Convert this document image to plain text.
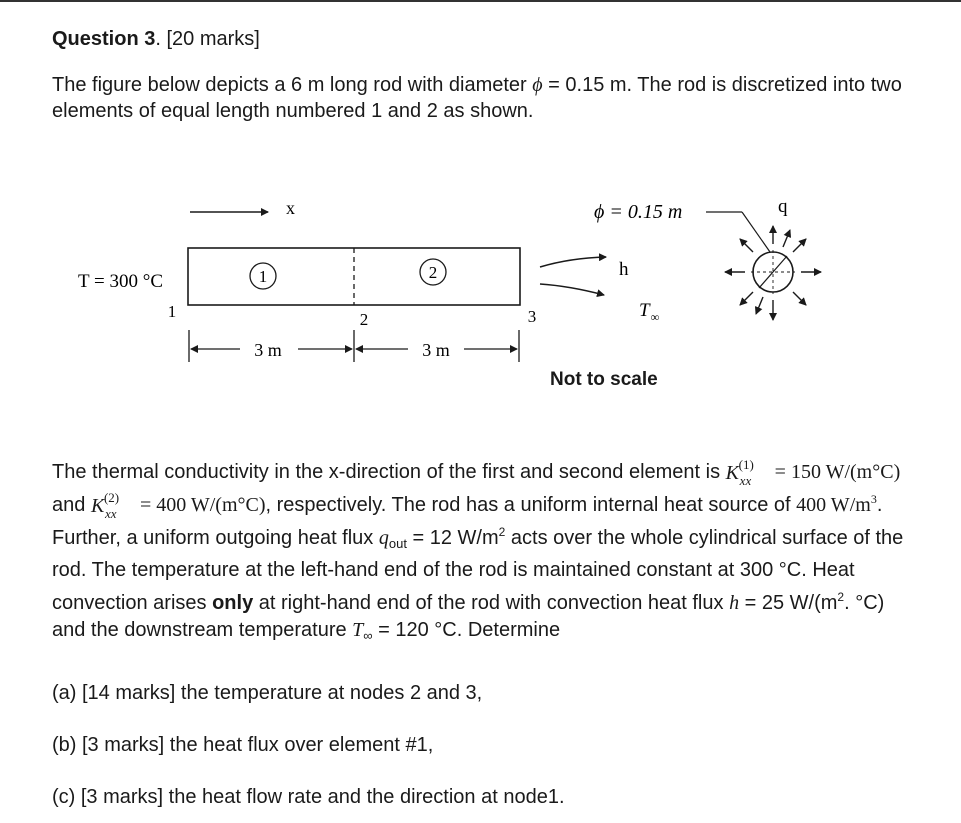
Question 3. [20 marks]

The figure below depicts a 6 m long rod with diameter ϕ = 0.15 m. The rod is discretized into two elements of equal length numbered 1 and 2 as shown.

x
T = 300 °C	1	2
1	2	3
3 m	3 m
h
$T_\infty$
ϕ = 0.15 m	q
Not to scale

The thermal conductivity in the x-direction of the first and second element is K (1)
xx = 150 W/(m°C) and K (2)
xx = 400 W/(m°C), respectively. The rod has a uniform internal heat source of 400 $W/m^3$. Further, a uniform outgoing heat flux $q_{out} = 12$ $W/m^2$ acts over the whole cylindrical surface of the rod. The temperature at the left-hand end of the rod is maintained constant at 300 °C. Heat convection arises only at right-hand end of the rod with convection heat flux h = 25 $W/(m^2$. °C) and the downstream temperature $T_\infty = 120$ °C. Determine

(a) [14 marks] the temperature at nodes 2 and 3,

(b) [3 marks] the heat flux over element #1,

(c) [3 marks] the heat flow rate and the direction at node1.
